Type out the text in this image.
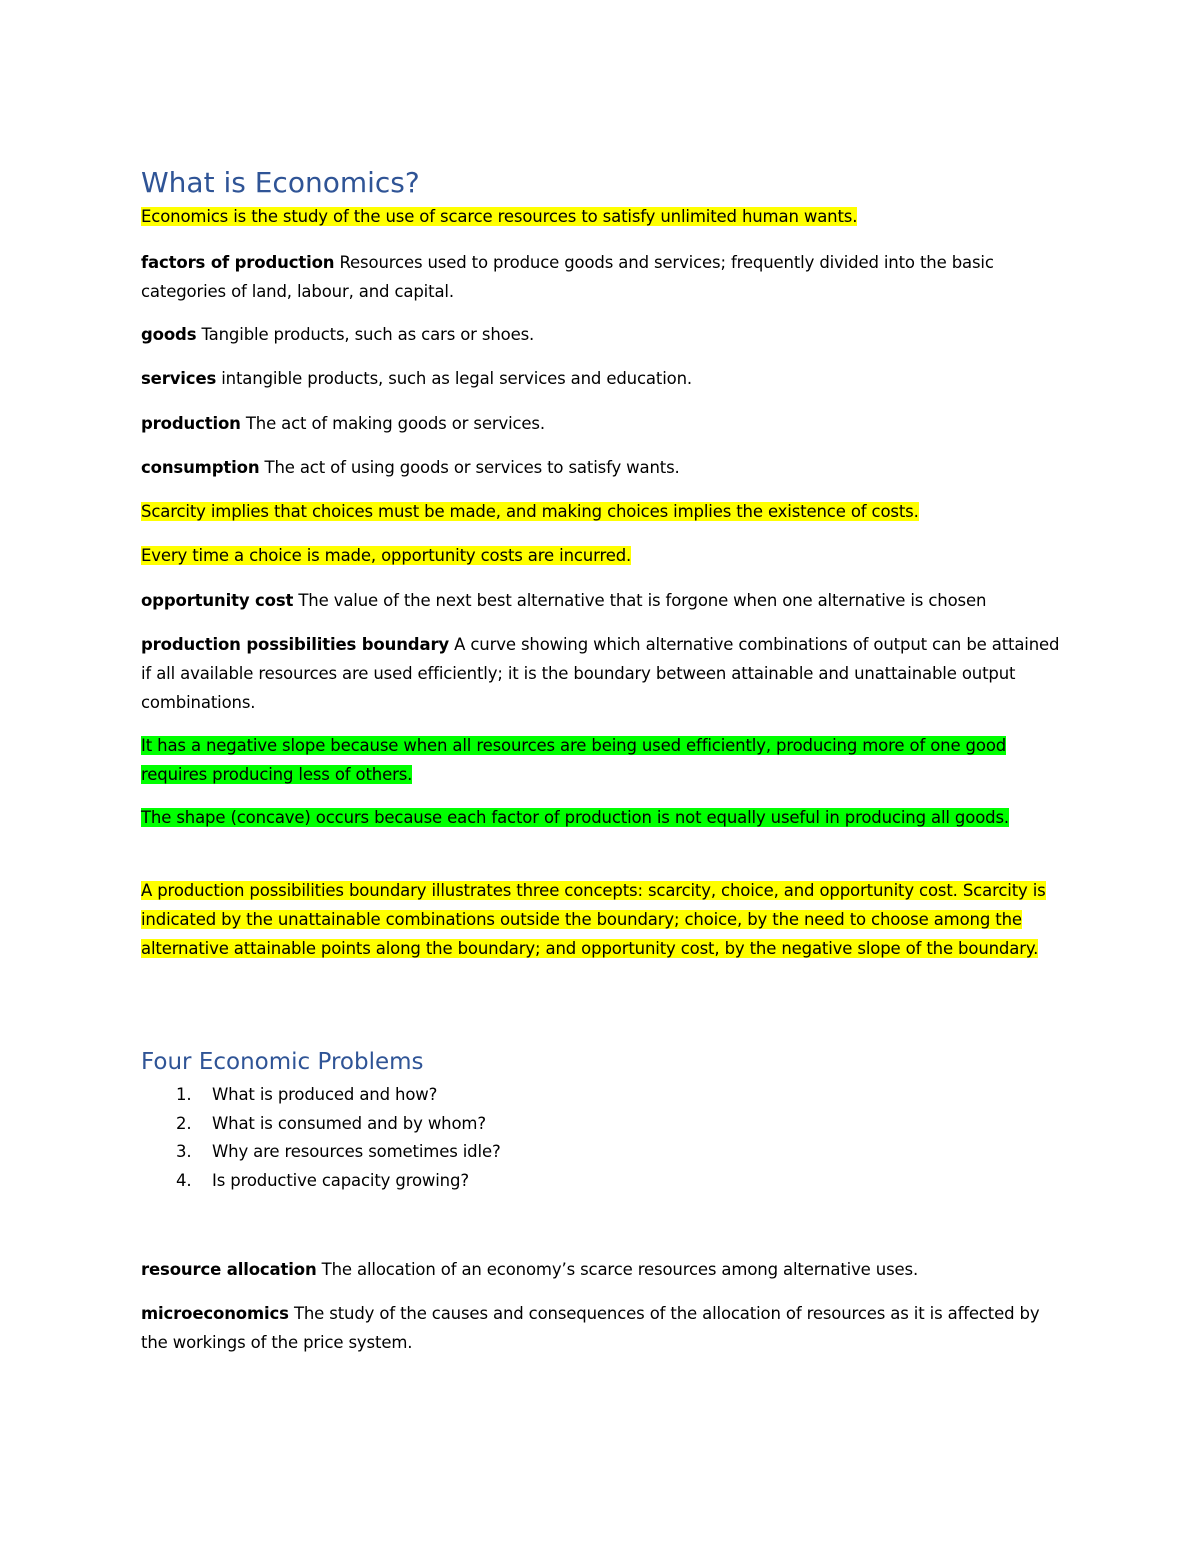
What is Economics?

Economics is the study of the use of scarce resources to satisfy unlimited human wants.

factors of production Resources used to produce goods and services; frequently divided into the basic categories of land, labour, and capital.

goods Tangible products, such as cars or shoes.

services intangible products, such as legal services and education.

production The act of making goods or services.

consumption The act of using goods or services to satisfy wants.

Scarcity implies that choices must be made, and making choices implies the existence of costs.

Every time a choice is made, opportunity costs are incurred.

opportunity cost The value of the next best alternative that is forgone when one alternative is chosen

production possibilities boundary A curve showing which alternative combinations of output can be attained if all available resources are used efficiently; it is the boundary between attainable and unattainable output combinations.

It has a negative slope because when all resources are being used efficiently, producing more of one good requires producing less of others.

The shape (concave) occurs because each factor of production is not equally useful in producing all goods.

A production possibilities boundary illustrates three concepts: scarcity, choice, and opportunity cost. Scarcity is indicated by the unattainable combinations outside the boundary; choice, by the need to choose among the alternative attainable points along the boundary; and opportunity cost, by the negative slope of the boundary.

Four Economic Problems
1. What is produced and how?
2. What is consumed and by whom?
3. Why are resources sometimes idle?
4. Is productive capacity growing?

resource allocation The allocation of an economy’s scarce resources among alternative uses.

microeconomics The study of the causes and consequences of the allocation of resources as it is affected by the workings of the price system.
